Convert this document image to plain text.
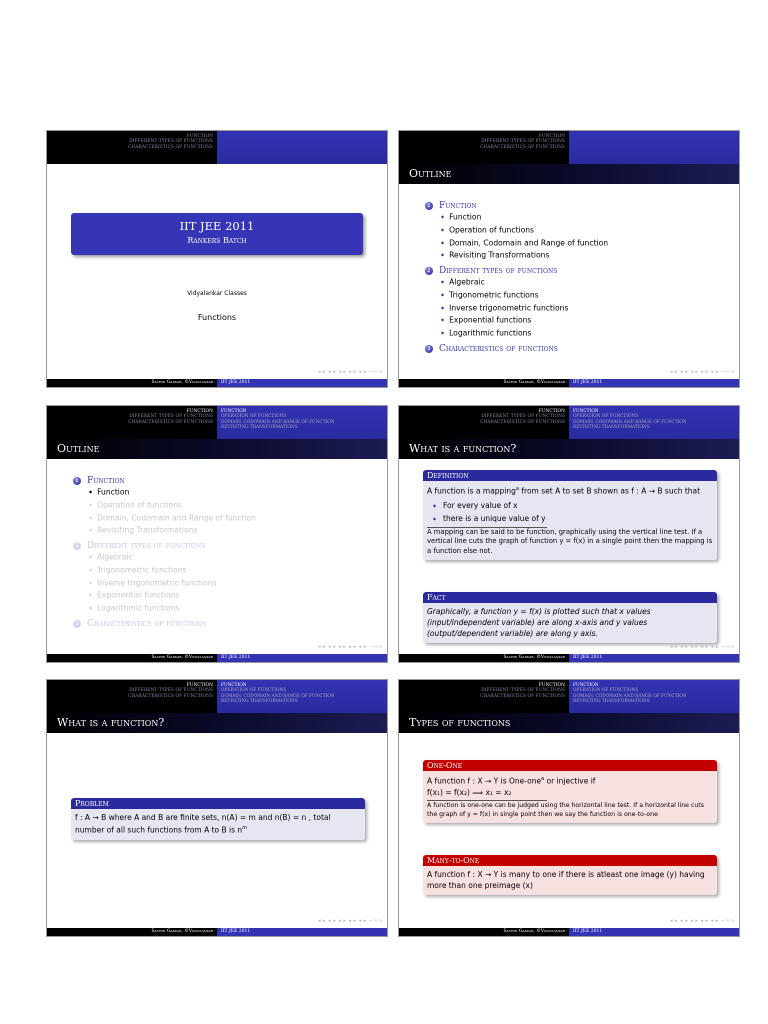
FUNCTION
DIFFERENT TYPES OF FUNCTIONS
CHARACTERISTICS OF FUNCTIONS
IIT JEE 2011
Rankers Batch
Vidyalankar Classes
Functions
◂ ▸ ◂ ▸ ◂ ▸ ◂ ▸ ◂ ▸ ∽∾∿
Sachin Gadkar, ©Vidyalankar	IIT JEE 2011
FUNCTION
DIFFERENT TYPES OF FUNCTIONS
CHARACTERISTICS OF FUNCTIONS
Outline
1 Function
◆ Function
◆ Operation of functions
◆ Domain, Codomain and Range of function
◆ Revisiting Transformations
2 Different types of functions
◆ Algebraic
◆ Trigonometric functions
◆ Inverse trigonometric functions
◆ Exponential functions
◆ Logarithmic functions
3 Characteristics of functions
◂ ▸ ◂ ▸ ◂ ▸ ◂ ▸ ◂ ▸ ∽∾∿
Sachin Gadkar, ©Vidyalankar	IIT JEE 2011
FUNCTION
DIFFERENT TYPES OF FUNCTIONS
CHARACTERISTICS OF FUNCTIONS
FUNCTION
OPERATION OF FUNCTIONS
DOMAIN, CODOMAIN AND RANGE OF FUNCTION
REVISITING TRANSFORMATIONS
Outline
1 Function
◆ Function
◆ Operation of functions
◆ Domain, Codomain and Range of function
◆ Revisiting Transformations
2 Different types of functions
◆ Algebraic
◆ Trigonometric functions
◆ Inverse trigonometric functions
◆ Exponential functions
◆ Logarithmic functions
3 Characteristics of functions
◂ ▸ ◂ ▸ ◂ ▸ ◂ ▸ ◂ ▸ ∽∾∿
Sachin Gadkar, ©Vidyalankar	IIT JEE 2011
FUNCTION
DIFFERENT TYPES OF FUNCTIONS
CHARACTERISTICS OF FUNCTIONS
FUNCTION
OPERATION OF FUNCTIONS
DOMAIN, CODOMAIN AND RANGE OF FUNCTION
REVISITING TRANSFORMATIONS
What is a function?
Definition
A function is a mapping$^a$ from set A to set B shown as f : A → B such that
◆ For every value of x
◆ there is a unique value of y
A mapping can be said to be function, graphically using the vertical line test. If a vertical line cuts the graph of function y = f(x) in a single point then the mapping is a function else not.
Fact
Graphically, a function y = f(x) is plotted such that x values (input/independent variable) are along x-axis and y values (output/dependent variable) are along y axis.
◂ ▸ ◂ ▸ ◂ ▸ ◂ ▸ ◂ ▸ ∽∾∿
Sachin Gadkar, ©Vidyalankar	IIT JEE 2011
FUNCTION
DIFFERENT TYPES OF FUNCTIONS
CHARACTERISTICS OF FUNCTIONS
FUNCTION
OPERATION OF FUNCTIONS
DOMAIN, CODOMAIN AND RANGE OF FUNCTION
REVISITING TRANSFORMATIONS
What is a function?
Problem
f : A → B where A and B are finite sets, n(A) = m and n(B) = n , total number of all such functions from A to B is $n^m$
◂ ▸ ◂ ▸ ◂ ▸ ◂ ▸ ◂ ▸ ∽∾∿
Sachin Gadkar, ©Vidyalankar	IIT JEE 2011
FUNCTION
DIFFERENT TYPES OF FUNCTIONS
CHARACTERISTICS OF FUNCTIONS
FUNCTION
OPERATION OF FUNCTIONS
DOMAIN, CODOMAIN AND RANGE OF FUNCTION
REVISITING TRANSFORMATIONS
Types of functions
One-One
A function f : X → Y is One-one$^a$ or injective if
f(x₁) = f(x₂) ⟹ x₁ = x₂
A function is one-one can be judged using the horizontal line test. If a horizontal line cuts the graph of y = f(x) in single point then we say the function is one-to-one
Many-to-One
A function f : X → Y is many to one if there is atleast one image (y) having more than one preimage (x)
◂ ▸ ◂ ▸ ◂ ▸ ◂ ▸ ◂ ▸ ∽∾∿
Sachin Gadkar, ©Vidyalankar	IIT JEE 2011
